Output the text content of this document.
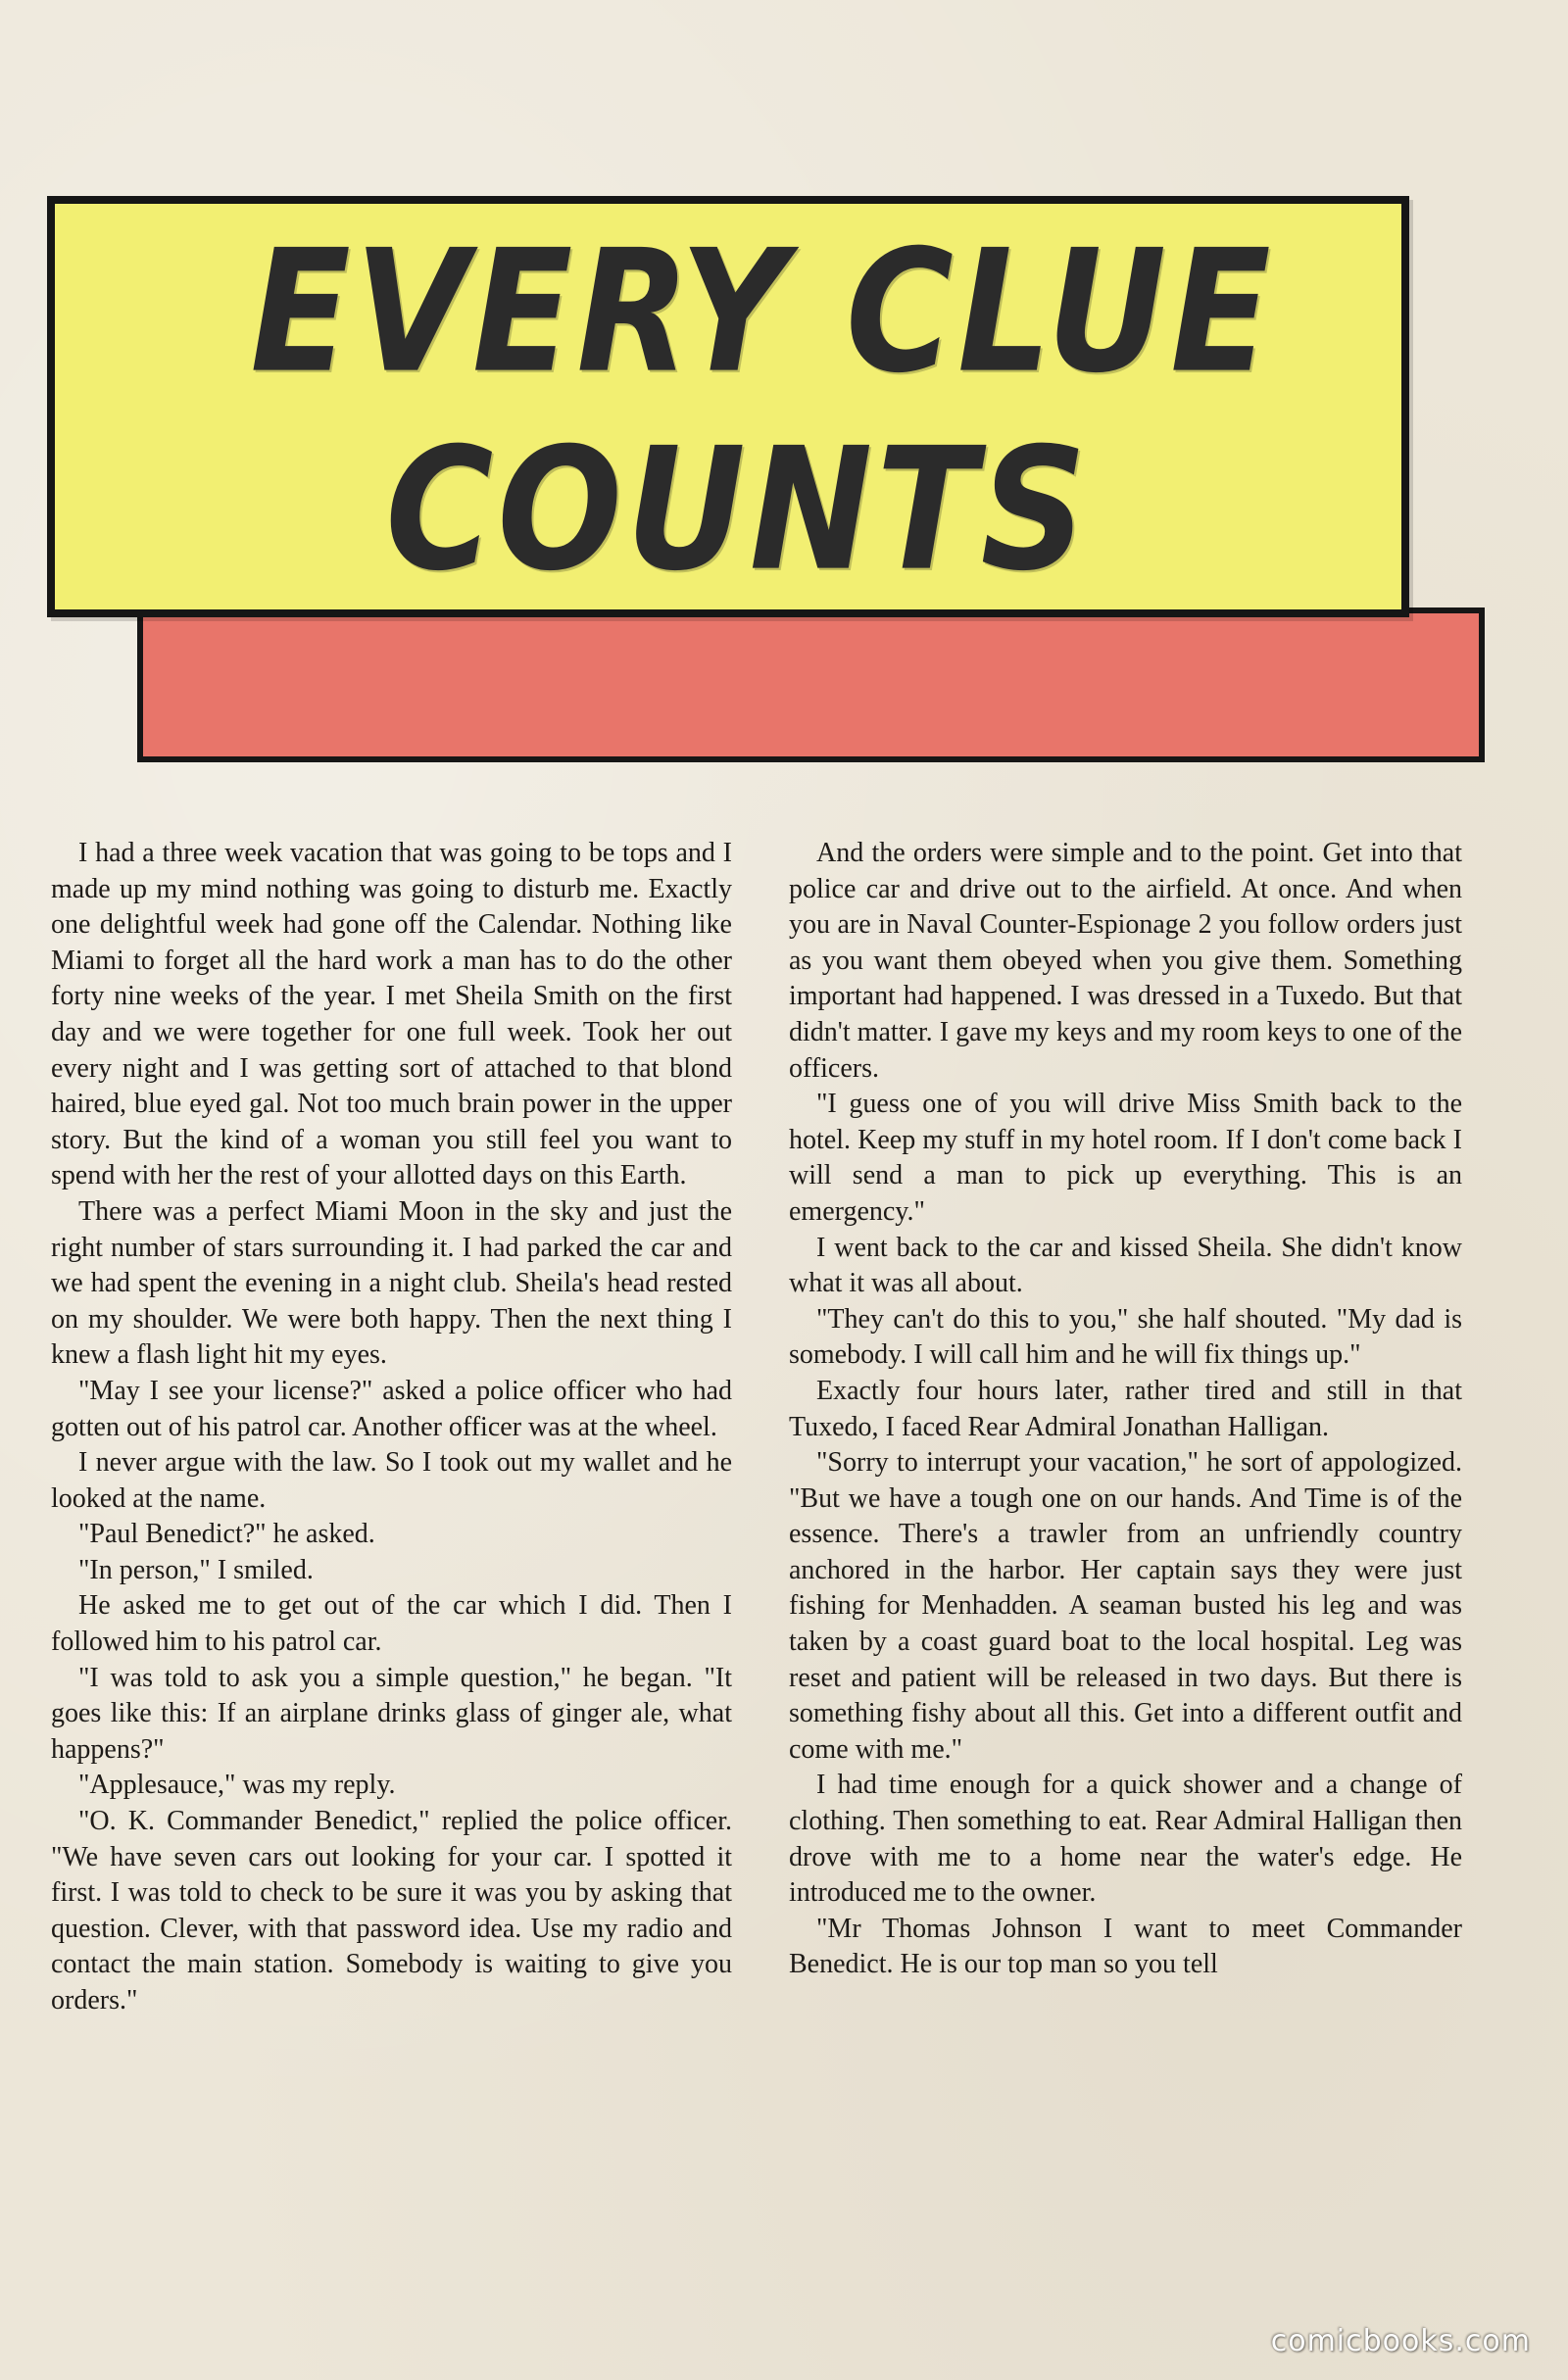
EVERY CLUE
COUNTS

I had a three week vacation that was going to be tops and I made up my mind nothing was going to disturb me. Exactly one delightful week had gone off the Calendar. Nothing like Miami to forget all the hard work a man has to do the other forty nine weeks of the year. I met Sheila Smith on the first day and we were together for one full week. Took her out every night and I was getting sort of attached to that blond haired, blue eyed gal. Not too much brain power in the upper story. But the kind of a woman you still feel you want to spend with her the rest of your allotted days on this Earth.

There was a perfect Miami Moon in the sky and just the right number of stars surrounding it. I had parked the car and we had spent the evening in a night club. Sheila's head rested on my shoulder. We were both happy. Then the next thing I knew a flash light hit my eyes.

"May I see your license?" asked a police officer who had gotten out of his patrol car. Another officer was at the wheel.

I never argue with the law. So I took out my wallet and he looked at the name.

"Paul Benedict?" he asked.

"In person," I smiled.

He asked me to get out of the car which I did. Then I followed him to his patrol car.

"I was told to ask you a simple question," he began. "It goes like this: If an airplane drinks glass of ginger ale, what happens?"

"Applesauce," was my reply.

"O. K. Commander Benedict," replied the police officer. "We have seven cars out looking for your car. I spotted it first. I was told to check to be sure it was you by asking that question. Clever, with that password idea. Use my radio and contact the main station. Somebody is waiting to give you orders."

And the orders were simple and to the point. Get into that police car and drive out to the airfield. At once. And when you are in Naval Counter-Espionage 2 you follow orders just as you want them obeyed when you give them. Something important had happened. I was dressed in a Tuxedo. But that didn't matter. I gave my keys and my room keys to one of the officers.

"I guess one of you will drive Miss Smith back to the hotel. Keep my stuff in my hotel room. If I don't come back I will send a man to pick up everything. This is an emergency."

I went back to the car and kissed Sheila. She didn't know what it was all about.

"They can't do this to you," she half shouted. "My dad is somebody. I will call him and he will fix things up."

Exactly four hours later, rather tired and still in that Tuxedo, I faced Rear Admiral Jonathan Halligan.

"Sorry to interrupt your vacation," he sort of appologized. "But we have a tough one on our hands. And Time is of the essence. There's a trawler from an unfriendly country anchored in the harbor. Her captain says they were just fishing for Menhadden. A seaman busted his leg and was taken by a coast guard boat to the local hospital. Leg was reset and patient will be released in two days. But there is something fishy about all this. Get into a different outfit and come with me."

I had time enough for a quick shower and a change of clothing. Then something to eat. Rear Admiral Halligan then drove with me to a home near the water's edge. He introduced me to the owner.

"Mr Thomas Johnson I want to meet Commander Benedict. He is our top man so you tell

comicbooks.com
